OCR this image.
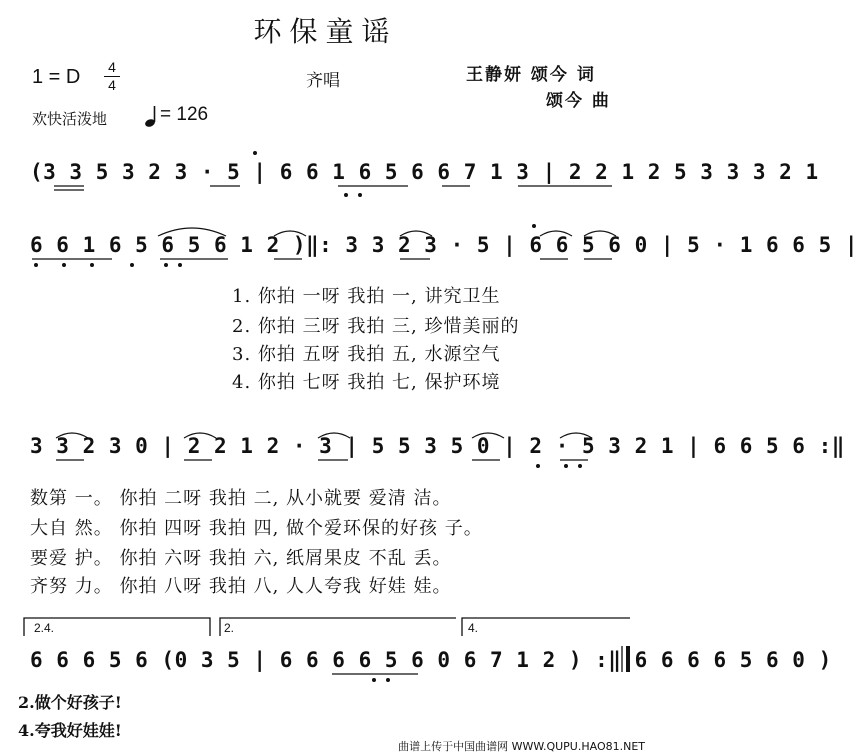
环保童谣
1 = D 4
4	齐唱	王静妍 颂今 词
颂今 曲
欢快活泼地	= 126
(3 3 5 3 2 3 · 5 | 6 6 1 6 5 6 6 7 1 3 | 2 2 1 2 5 3 3 3 2 1
6 6 1 6 5 6 5 6 1 2 )‖: 3 3 2 3 · 5 | 6 6 5 6 0 | 5 · 1 6 6 5 |
1. 你拍 一呀 我拍 一, 讲究卫生
2. 你拍 三呀 我拍 三, 珍惜美丽的
3. 你拍 五呀 我拍 五, 水源空气
4. 你拍 七呀 我拍 七, 保护环境
3 3 2 3 0 | 2 2 1 2 · 3 | 5 5 3 5 0 | 2 · 5 3 2 1 | 6 6 5 6 :‖
数第 一。 你拍 二呀 我拍 二, 从小就要 爱清 洁。
大自 然。 你拍 四呀 我拍 四, 做个爱环保的好孩 子。
要爱 护。 你拍 六呀 我拍 六, 纸屑果皮 不乱 丢。
齐努 力。 你拍 八呀 我拍 八, 人人夸我 好娃 娃。
2.4.	2.	4.
6 6 6 5 6 (0 3 5 | 6 6 6 6 5 6 0 6 7 1 2 ) :‖ 6 6 6 6 5 6 0 )
2.做个好孩子!
4.夸我好娃娃!
曲谱上传于中国曲谱网 WWW.QUPU.HAO81.NET
